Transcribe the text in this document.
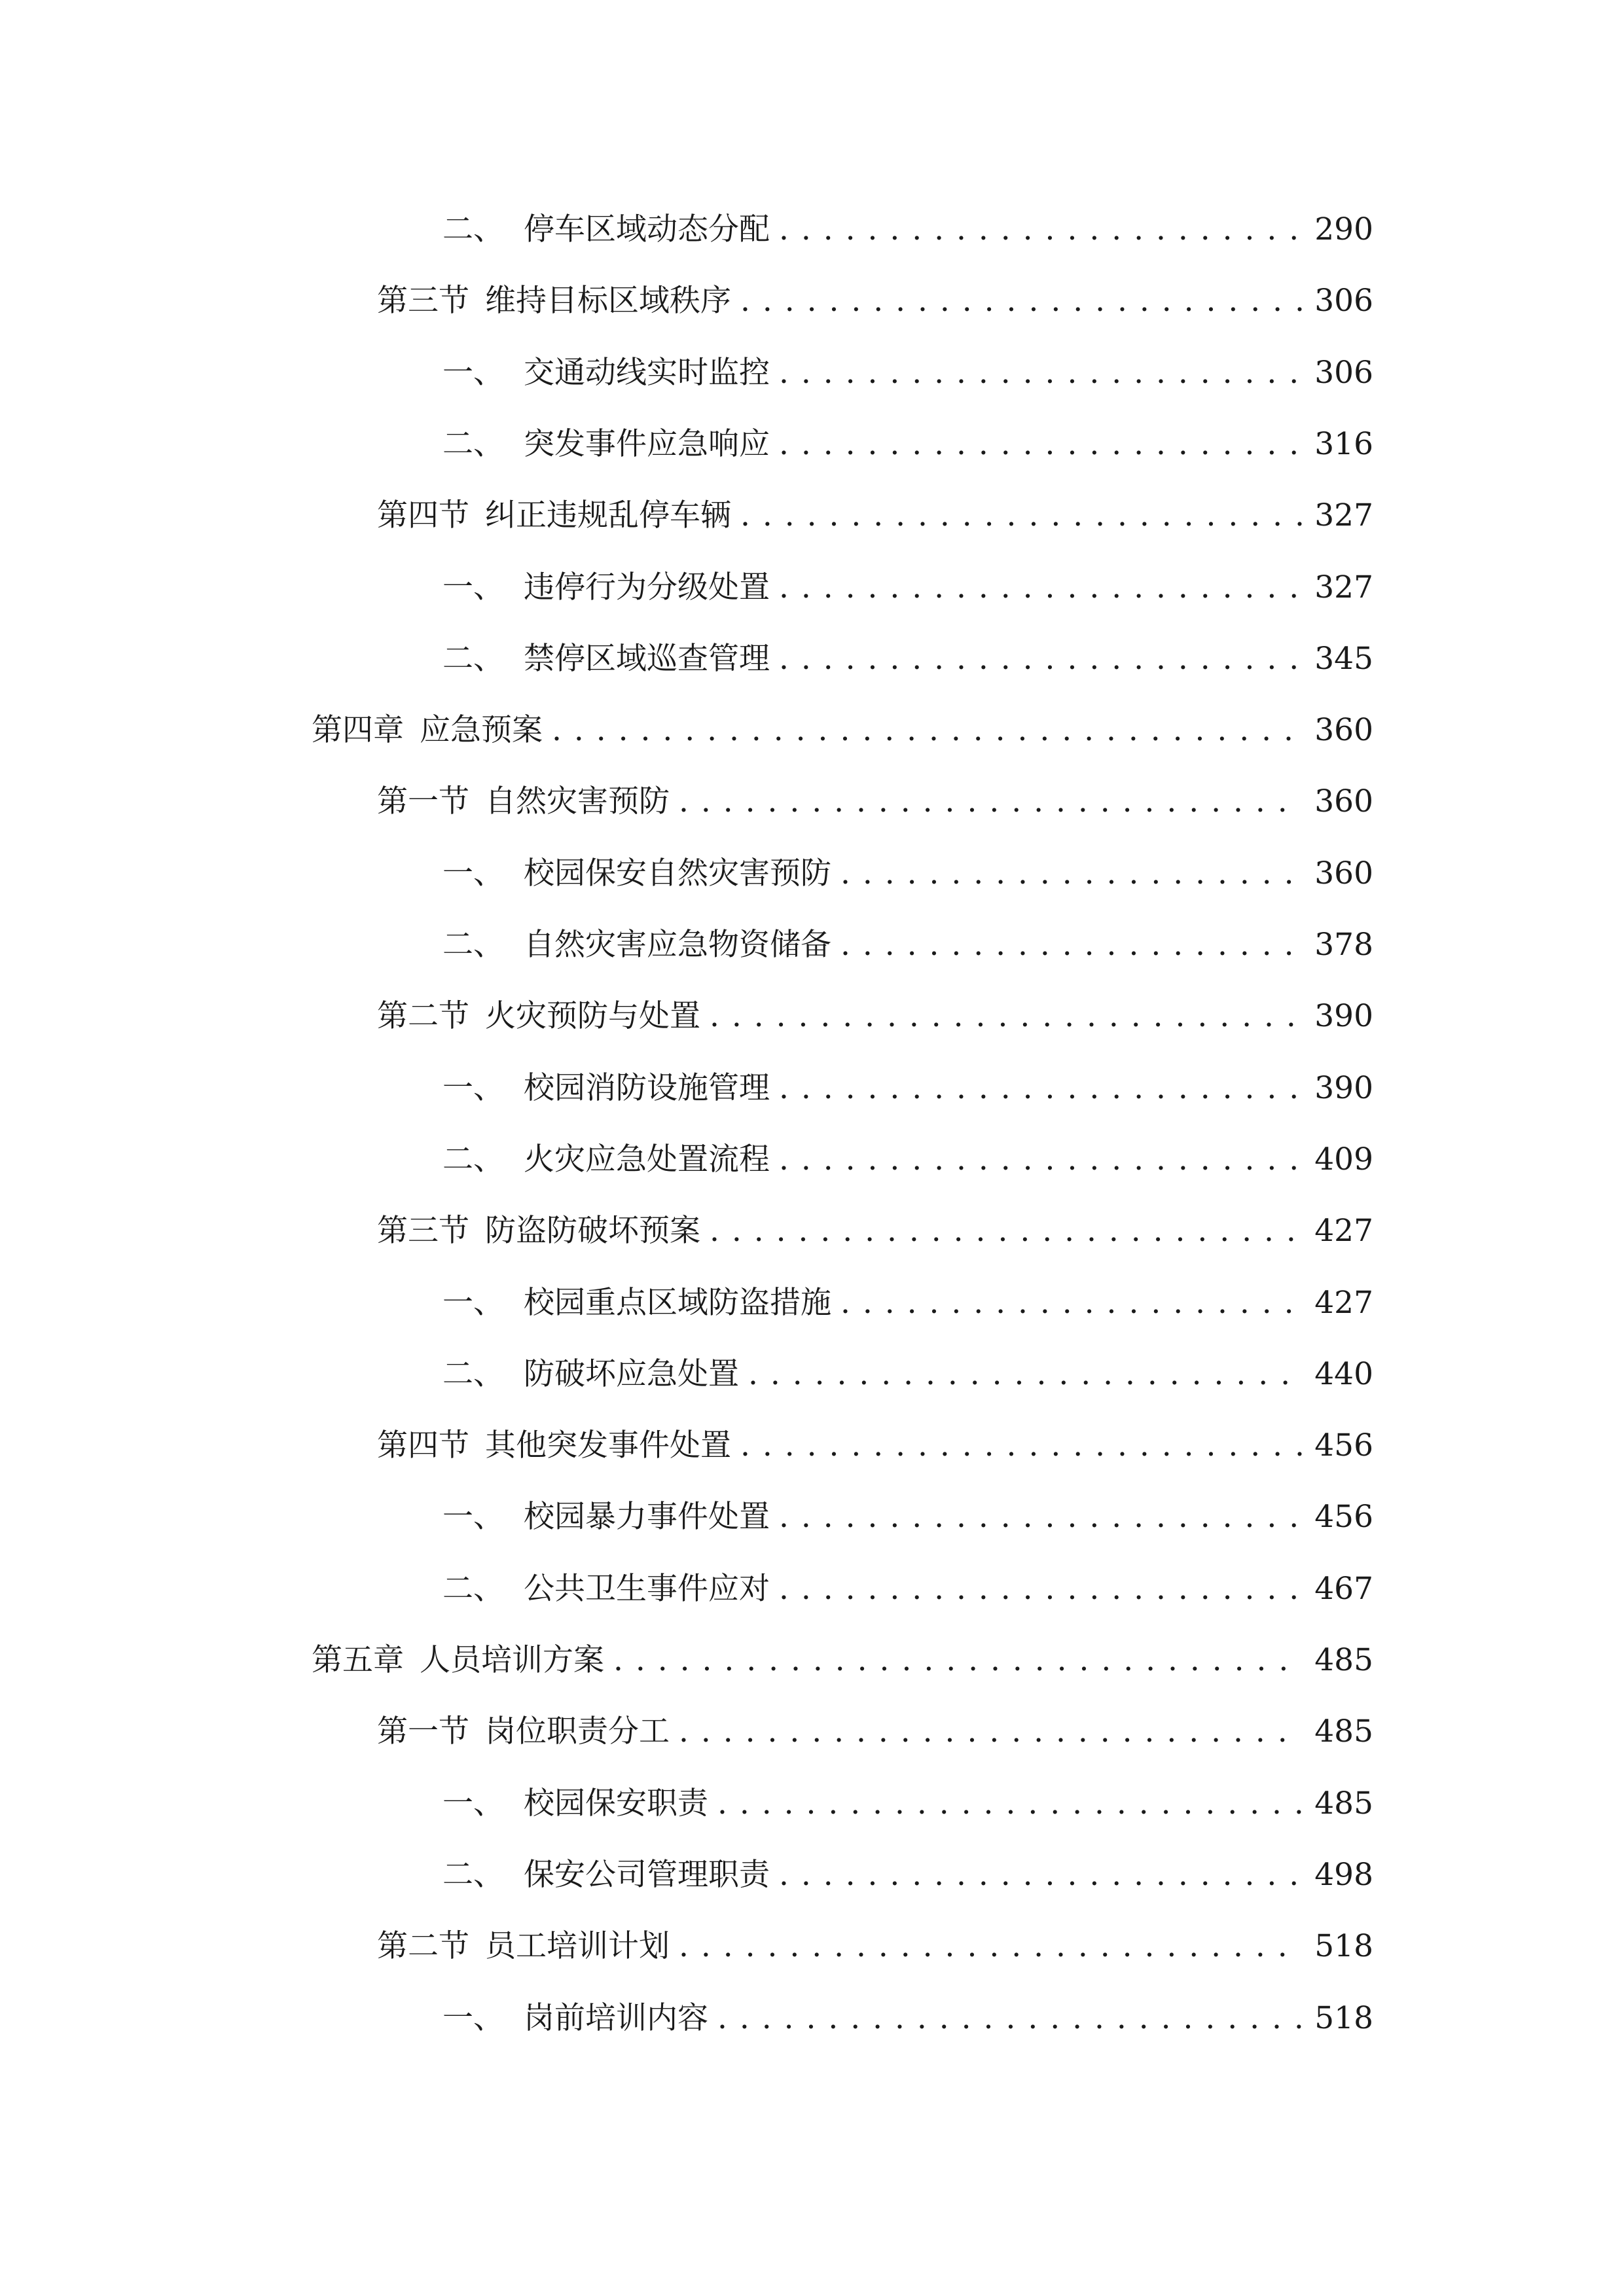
二、 停车区域动态分配 . . .	290
第三节 维持目标区域秩序 . . .	306
一、 交通动线实时监控 . . .	306
二、 突发事件应急响应 . . .	316
第四节 纠正违规乱停车辆 . . .	327
一、 违停行为分级处置 . . .	327
二、 禁停区域巡查管理 . . .	345
第四章 应急预案 . . .	360
第一节 自然灾害预防 . . .	360
一、 校园保安自然灾害预防 . . .	360
二、 自然灾害应急物资储备 . . .	378
第二节 火灾预防与处置 . . .	390
一、 校园消防设施管理 . . .	390
二、 火灾应急处置流程 . . .	409
第三节 防盗防破坏预案 . . .	427
一、 校园重点区域防盗措施 . . .	427
二、 防破坏应急处置 . . .	440
第四节 其他突发事件处置 . . .	456
一、 校园暴力事件处置 . . .	456
二、 公共卫生事件应对 . . .	467
第五章 人员培训方案 . . .	485
第一节 岗位职责分工 . . .	485
一、 校园保安职责 . . .	485
二、 保安公司管理职责 . . .	498
第二节 员工培训计划 . . .	518
一、 岗前培训内容 . . .	518
